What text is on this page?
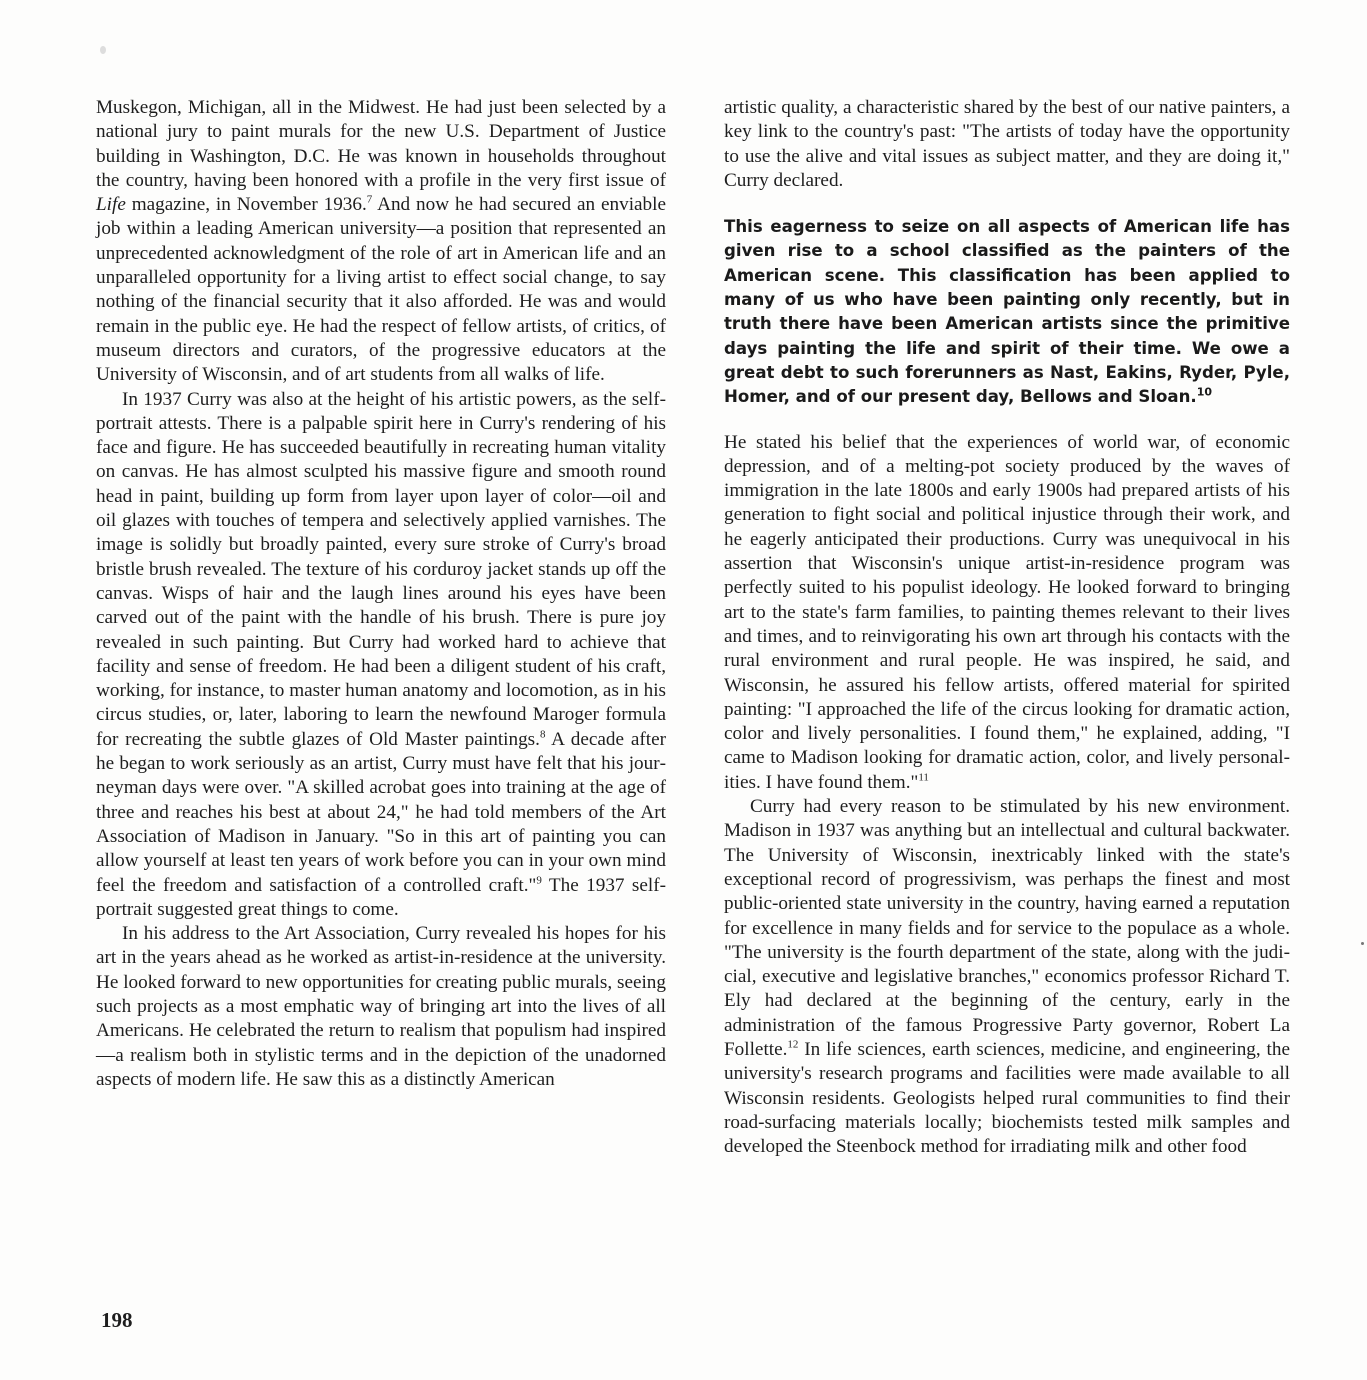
Muskegon, Michigan, all in the Midwest. He had just been selected by a national jury to paint murals for the new U.S. Department of Justice building in Washington, D.C. He was known in households throughout the country, having been honored with a profile in the very first issue of Life magazine, in November 1936.$^7$ And now he had secured an enviable job within a leading American university—a position that represented an unprecedented acknowledgment of the role of art in American life and an unparalleled opportunity for a living artist to effect social change, to say nothing of the financial security that it also afforded. He was and would remain in the public eye. He had the respect of fellow artists, of critics, of museum directors and curators, of the progressive educators at the University of Wisconsin, and of art students from all walks of life.

In 1937 Curry was also at the height of his artistic powers, as the self-portrait attests. There is a palpable spirit here in Curry's rendering of his face and figure. He has succeeded beautifully in recreating human vitality on canvas. He has almost sculpted his massive figure and smooth round head in paint, building up form from layer upon layer of color—oil and oil glazes with touches of tempera and selectively applied varnishes. The image is solidly but broadly painted, every sure stroke of Curry's broad bristle brush revealed. The texture of his corduroy jacket stands up off the canvas. Wisps of hair and the laugh lines around his eyes have been carved out of the paint with the handle of his brush. There is pure joy revealed in such painting. But Curry had worked hard to achieve that facility and sense of freedom. He had been a diligent student of his craft, working, for instance, to master human anatomy and locomotion, as in his circus studies, or, later, laboring to learn the newfound Maroger formula for recreating the subtle glazes of Old Master paintings.$^8$ A decade after he began to work seriously as an artist, Curry must have felt that his journeyman days were over. "A skilled acrobat goes into training at the age of three and reaches his best at about 24," he had told members of the Art Association of Madison in January. "So in this art of painting you can allow yourself at least ten years of work before you can in your own mind feel the freedom and satisfaction of a controlled craft."$^9$ The 1937 self-portrait suggested great things to come.

In his address to the Art Association, Curry revealed his hopes for his art in the years ahead as he worked as artist-in-residence at the university. He looked forward to new opportunities for creating public murals, seeing such projects as a most emphatic way of bringing art into the lives of all Americans. He celebrated the return to realism that populism had inspired—a realism both in stylistic terms and in the depiction of the unadorned aspects of modern life. He saw this as a distinctly American

artistic quality, a characteristic shared by the best of our native painters, a key link to the country's past: "The artists of today have the opportunity to use the alive and vital issues as subject matter, and they are doing it," Curry declared.

This eagerness to seize on all aspects of American life has given rise to a school classified as the painters of the American scene. This classification has been applied to many of us who have been painting only recently, but in truth there have been American artists since the primitive days painting the life and spirit of their time. We owe a great debt to such forerunners as Nast, Eakins, Ryder, Pyle, Homer, and of our present day, Bellows and Sloan.$^{10}$

He stated his belief that the experiences of world war, of economic depression, and of a melting-pot society produced by the waves of immigration in the late 1800s and early 1900s had prepared artists of his generation to fight social and political injustice through their work, and he eagerly anticipated their productions. Curry was unequivocal in his assertion that Wisconsin's unique artist-in-residence program was perfectly suited to his populist ideology. He looked forward to bringing art to the state's farm families, to painting themes relevant to their lives and times, and to reinvigorating his own art through his contacts with the rural environment and rural people. He was inspired, he said, and Wisconsin, he assured his fellow artists, offered material for spirited painting: "I approached the life of the circus looking for dramatic action, color and lively personalities. I found them," he explained, adding, "I came to Madison looking for dramatic action, color, and lively personalities. I have found them."$^{11}$

Curry had every reason to be stimulated by his new environment. Madison in 1937 was anything but an intellectual and cultural backwater. The University of Wisconsin, inextricably linked with the state's exceptional record of progressivism, was perhaps the finest and most public-oriented state university in the country, having earned a reputation for excellence in many fields and for service to the populace as a whole. "The university is the fourth department of the state, along with the judicial, executive and legislative branches," economics professor Richard T. Ely had declared at the beginning of the century, early in the administration of the famous Progressive Party governor, Robert La Follette.$^{12}$ In life sciences, earth sciences, medicine, and engineering, the university's research programs and facilities were made available to all Wisconsin residents. Geologists helped rural communities to find their road-surfacing materials locally; biochemists tested milk samples and developed the Steenbock method for irradiating milk and other food

198
